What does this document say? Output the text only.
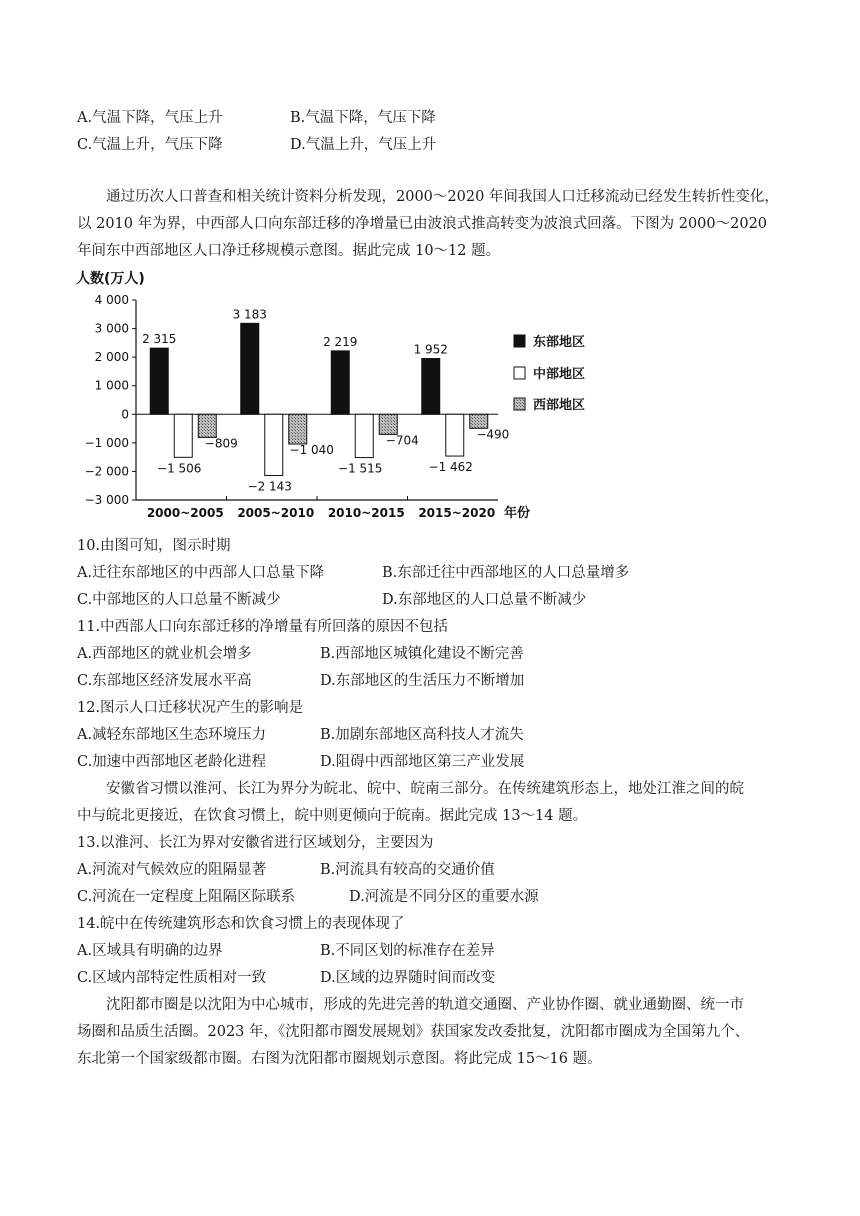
A.气温下降，气压上升	B.气温下降，气压下降
C.气温上升，气压下降	D.气温上升，气压上升
通过历次人口普查和相关统计资料分析发现，2000～2020 年间我国人口迁移流动已经发生转折性变化，
以 2010 年为界，中西部人口向东部迁移的净增量已由波浪式推高转变为波浪式回落。下图为 2000～2020
年间东中西部地区人口净迁移规模示意图。据此完成 10～12 题。
人数(万人)
4 000
3 000
2 000
1 000
0
−1 000
−2 000
−3 000
2000~2005
2 315
−1 506
−809
2005~2010
3 183
−2 143
−1 040
2010~2015
2 219
−1 515
−704
2015~2020
1 952
−1 462
−490
年份
东部地区
中部地区
西部地区
10.由图可知，图示时期
A.迁往东部地区的中西部人口总量下降	B.东部迁往中西部地区的人口总量增多
C.中部地区的人口总量不断减少	D.东部地区的人口总量不断减少
11.中西部人口向东部迁移的净增量有所回落的原因不包括
A.西部地区的就业机会增多	B.西部地区城镇化建设不断完善
C.东部地区经济发展水平高	D.东部地区的生活压力不断增加
12.图示人口迁移状况产生的影响是
A.减轻东部地区生态环境压力	B.加剧东部地区高科技人才流失
C.加速中西部地区老龄化进程	D.阻碍中西部地区第三产业发展
安徽省习惯以淮河、长江为界分为皖北、皖中、皖南三部分。在传统建筑形态上，地处江淮之间的皖
中与皖北更接近，在饮食习惯上，皖中则更倾向于皖南。据此完成 13～14 题。
13.以淮河、长江为界对安徽省进行区域划分，主要因为
A.河流对气候效应的阻隔显著	B.河流具有较高的交通价值
C.河流在一定程度上阻隔区际联系	D.河流是不同分区的重要水源
14.皖中在传统建筑形态和饮食习惯上的表现体现了
A.区域具有明确的边界	B.不同区划的标准存在差异
C.区域内部特定性质相对一致	D.区域的边界随时间而改变
沈阳都市圈是以沈阳为中心城市，形成的先进完善的轨道交通圈、产业协作圈、就业通勤圈、统一市
场圈和品质生活圈。2023 年，《沈阳都市圈发展规划》获国家发改委批复，沈阳都市圈成为全国第九个、
东北第一个国家级都市圈。右图为沈阳都市圈规划示意图。将此完成 15～16 题。
